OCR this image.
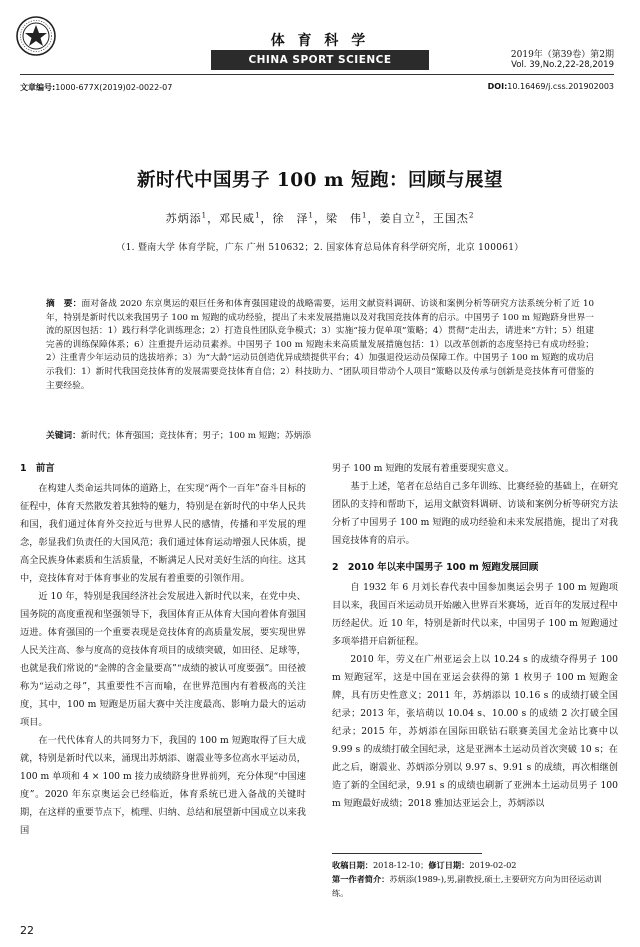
体 育 科 学
CHINA SPORT SCIENCE	2019年（第39卷）第2期
Vol. 39,No.2,22-28,2019
文章编号:1000-677X(2019)02-0022-07	DOI:10.16469/j.css.201902003
新时代中国男子 100 m 短跑：回顾与展望
苏炳添$^1$，邓民威$^1$，徐　泽$^1$，梁　伟$^1$，姜自立$^2$，王国杰$^2$
（1. 暨南大学 体育学院，广东 广州 510632；2. 国家体育总局体育科学研究所，北京 100061）
摘　要：面对备战 2020 东京奥运的艰巨任务和体育强国建设的战略需要，运用文献资料调研、访谈和案例分析等研究方法系统分析了近 10 年，特别是新时代以来我国男子 100 m 短跑的成功经验，提出了未来发展措施以及对我国竞技体育的启示。中国男子 100 m 短跑跻身世界一流的原因包括：1）践行科学化训练理念；2）打造良性团队竞争模式；3）实施“接力促单项”策略；4）贯彻“走出去，请进来”方针；5）组建完善的训练保障体系；6）注重提升运动员素养。中国男子 100 m 短跑未来高质量发展措施包括：1）以改革创新的态度坚持已有成功经验；2）注重青少年运动员的选拔培养；3）为“大龄”运动员创造优异成绩提供平台；4）加强退役运动员保障工作。中国男子 100 m 短跑的成功启示我们：1）新时代我国竞技体育的发展需要竞技体育自信；2）科技助力、“团队项目带动个人项目”策略以及传承与创新是竞技体育可借鉴的主要经验。
关键词：新时代；体育强国；竞技体育；男子；100 m 短跑；苏炳添
1　前言

在构建人类命运共同体的道路上，在实现“两个一百年”奋斗目标的征程中，体育天然散发着其独特的魅力，特别是在新时代的中华人民共和国，我们通过体育外交拉近与世界人民的感情，传播和平发展的理念，彰显我们负责任的大国风范；我们通过体育运动增强人民体质，提高全民族身体素质和生活质量，不断满足人民对美好生活的向往。这其中，竞技体育对于体育事业的发展有着重要的引领作用。

近 10 年，特别是我国经济社会发展进入新时代以来，在党中央、国务院的高度重视和坚强领导下，我国体育正从体育大国向着体育强国迈进。体育强国的一个重要表现是竞技体育的高质量发展，要实现世界人民关注高、参与度高的竞技体育项目的成绩突破，如田径、足球等，也就是我们常说的“金牌的含金量要高”“成绩的被认可度要强”。田径被称为“运动之母”，其重要性不言而喻，在世界范围内有着极高的关注度，其中，100 m 短跑是历届大赛中关注度最高、影响力最大的运动项目。

在一代代体育人的共同努力下，我国的 100 m 短跑取得了巨大成就，特别是新时代以来，涌现出苏炳添、谢震业等多位高水平运动员，100 m 单项和 4 × 100 m 接力成绩跻身世界前列，充分体现“中国速度”。2020 年东京奥运会已经临近，体育系统已进入备战的关键时期，在这样的重要节点下，梳理、归纳、总结和展望新中国成立以来我国

男子 100 m 短跑的发展有着重要现实意义。

基于上述，笔者在总结自己多年训练、比赛经验的基础上，在研究团队的支持和帮助下，运用文献资料调研、访谈和案例分析等研究方法分析了中国男子 100 m 短跑的成功经验和未来发展措施，提出了对我国竞技体育的启示。

2　2010 年以来中国男子 100 m 短跑发展回顾

自 1932 年 6 月刘长春代表中国参加奥运会男子 100 m 短跑项目以来，我国百米运动员开始融入世界百米赛场，近百年的发展过程中历经起伏。近 10 年，特别是新时代以来，中国男子 100 m 短跑通过多项举措开启新征程。

2010 年，劳义在广州亚运会上以 10.24 s 的成绩夺得男子 100 m 短跑冠军，这是中国在亚运会获得的第 1 枚男子 100 m 短跑金牌，具有历史性意义；2011 年，苏炳添以 10.16 s 的成绩打破全国纪录；2013 年，张培萌以 10.04 s、10.00 s 的成绩 2 次打破全国纪录；2015 年，苏炳添在国际田联钻石联赛美国尤金站比赛中以 9.99 s 的成绩打破全国纪录，这是亚洲本土运动员首次突破 10 s；在此之后，谢震业、苏炳添分别以 9.97 s、9.91 s 的成绩，再次相继创造了新的全国纪录，9.91 s 的成绩也刷新了亚洲本土运动员男子 100 m 短跑最好成绩；2018 雅加达亚运会上，苏炳添以

收稿日期：2018-12-10；修订日期：2019-02-02
第一作者简介：苏炳添(1989-),男,副教授,硕士,主要研究方向为田径运动训练。
22
